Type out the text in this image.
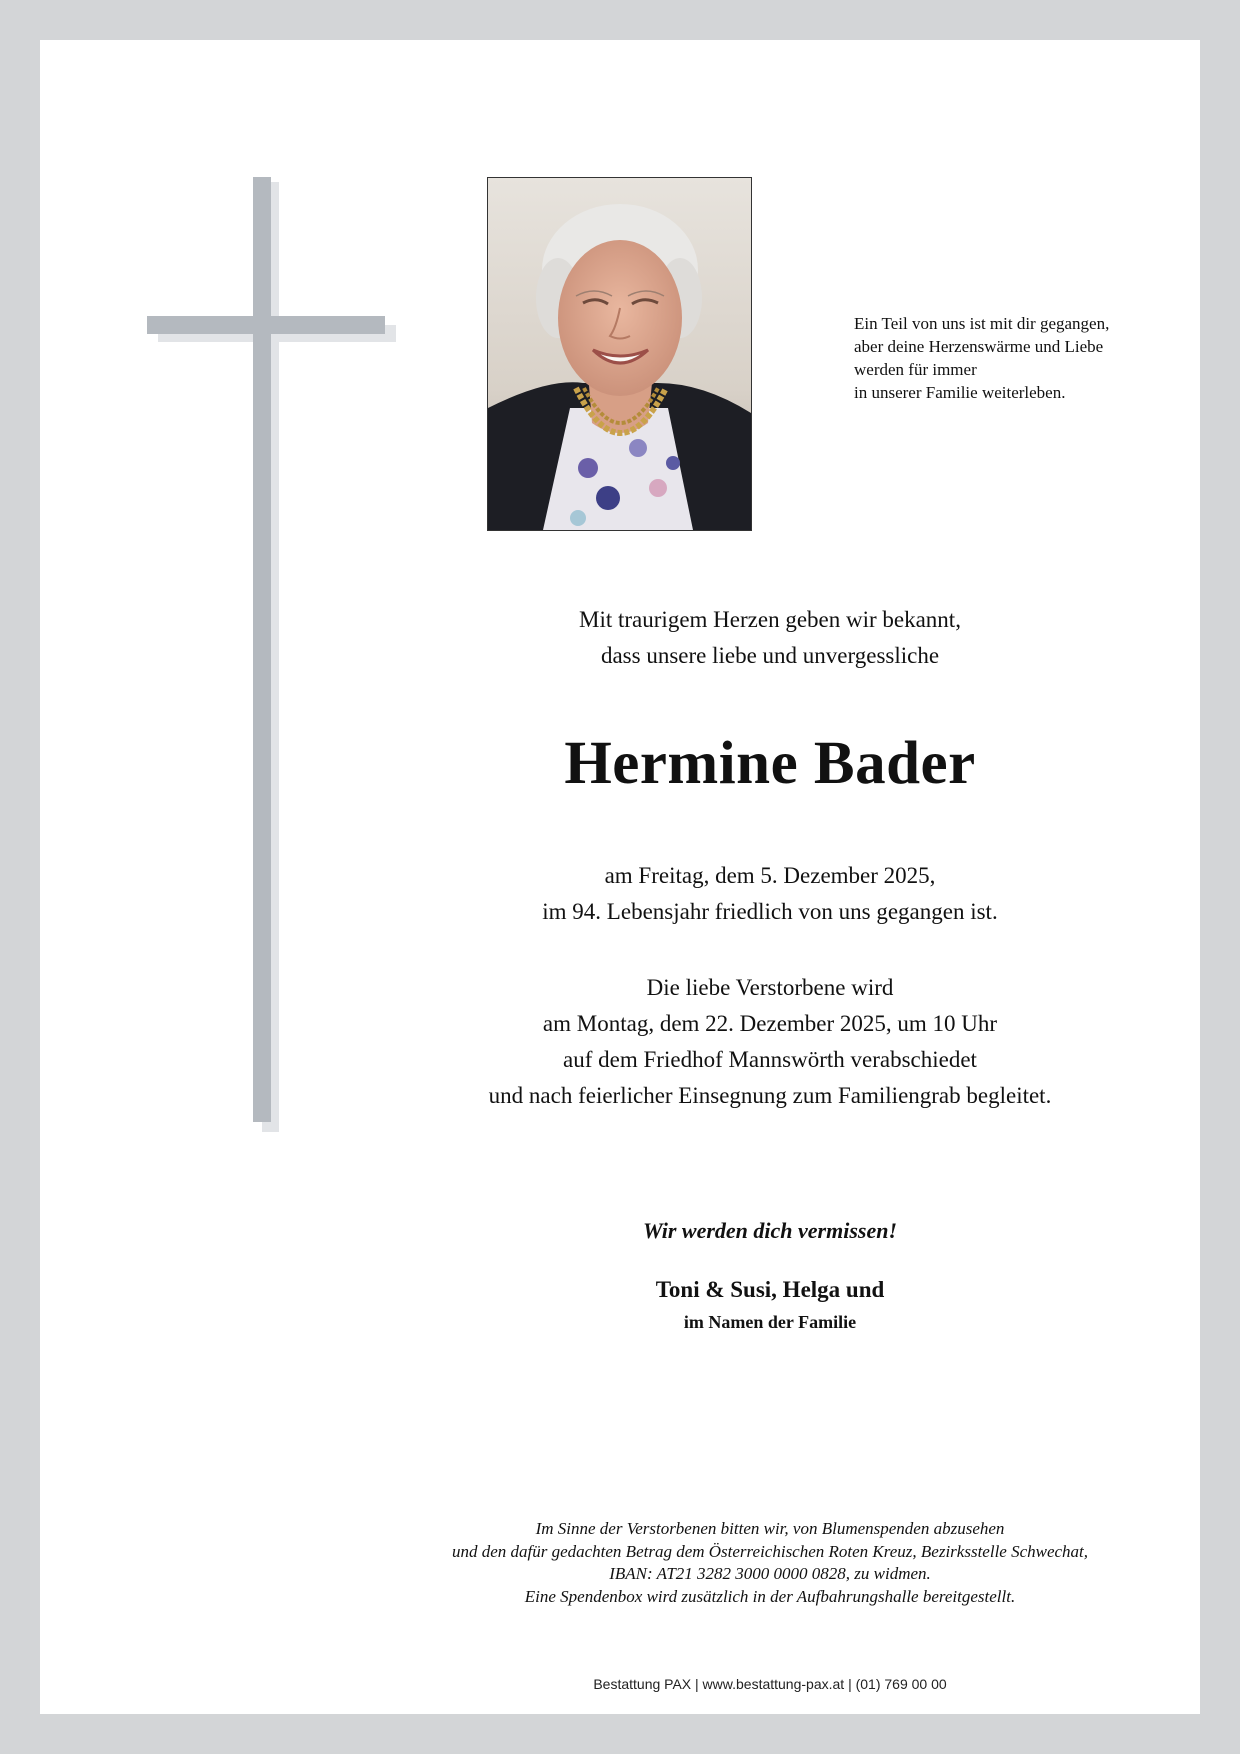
Ein Teil von uns ist mit dir gegangen,
aber deine Herzenswärme und Liebe
werden für immer
in unserer Familie weiterleben.
Mit traurigem Herzen geben wir bekannt,
dass unsere liebe und unvergessliche
Hermine Bader
am Freitag, dem 5. Dezember 2025,
im 94. Lebensjahr friedlich von uns gegangen ist.
Die liebe Verstorbene wird
am Montag, dem 22. Dezember 2025, um 10 Uhr
auf dem Friedhof Mannswörth verabschiedet
und nach feierlicher Einsegnung zum Familiengrab begleitet.
Wir werden dich vermissen!
Toni & Susi, Helga und
im Namen der Familie
Im Sinne der Verstorbenen bitten wir, von Blumenspenden abzusehen
und den dafür gedachten Betrag dem Österreichischen Roten Kreuz, Bezirksstelle Schwechat,
IBAN: AT21 3282 3000 0000 0828, zu widmen.
Eine Spendenbox wird zusätzlich in der Aufbahrungshalle bereitgestellt.
Bestattung PAX | www.bestattung-pax.at | (01) 769 00 00
